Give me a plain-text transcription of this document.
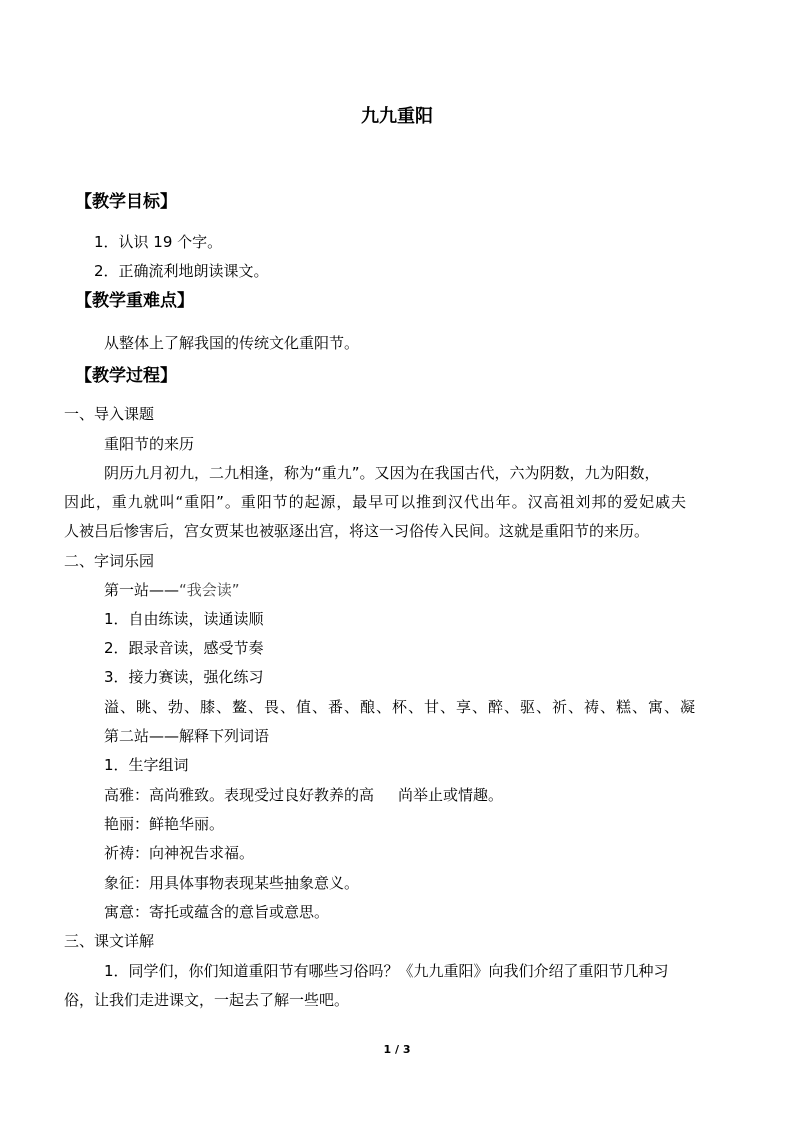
九九重阳
【教学目标】
1．认识 19 个字。
2．正确流利地朗读课文。
【教学重难点】
从整体上了解我国的传统文化重阳节。
【教学过程】
一、导入课题
重阳节的来历
阴历九月初九，二九相逢，称为“重九”。又因为在我国古代，六为阴数，九为阳数，
因此，重九就叫“重阳”。重阳节的起源，最早可以推到汉代出年。汉高祖刘邦的爱妃戚夫
人被吕后惨害后，宫女贾某也被驱逐出宫，将这一习俗传入民间。这就是重阳节的来历。
二、字词乐园
第一站——“我会读”
1．自由练读，读通读顺
2．跟录音读，感受节奏
3．接力赛读，强化练习
溢、眺、勃、膝、鳌、畏、值、番、酿、杯、甘、享、醉、驱、祈、祷、糕、寓、凝
第二站——解释下列词语
1．生字组词
高雅：高尚雅致。表现受过良好教养的高 尚举止或情趣。
艳丽：鲜艳华丽。
祈祷：向神祝告求福。
象征：用具体事物表现某些抽象意义。
寓意：寄托或蕴含的意旨或意思。
三、课文详解
1．同学们，你们知道重阳节有哪些习俗吗？《九九重阳》向我们介绍了重阳节几种习
俗，让我们走进课文，一起去了解一些吧。
1 / 3
